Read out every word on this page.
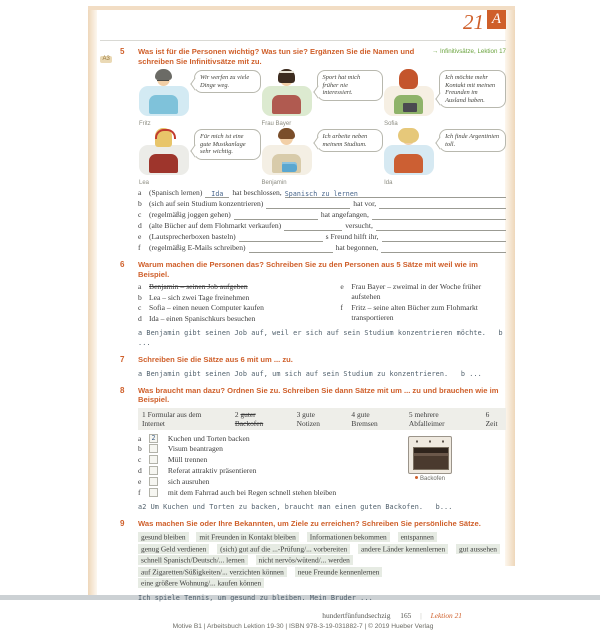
21 A
A3
5	Was ist für die Personen wichtig? Was tun sie? Ergänzen Sie die Namen und schreiben Sie Infinitivsätze mit zu.
→ Infinitivsätze, Lektion 17
Fritz
Wir werfen zu viele Dinge weg.
Frau Bayer
Sport hat mich früher nie interessiert.
Sofia
Ich möchte mehr Kontakt mit meinen Freunden im Ausland haben.
Lea
Für mich ist eine gute Musikanlage sehr wichtig.
Benjamin
Ich arbeite neben meinem Studium.
Ida
Ich finde Argentinien toll.
a	(Spanisch lernen)	Ida	hat beschlossen, Spanisch zu lernen
b (sich auf sein Studium konzentrieren)	hat vor,
c	(regelmäßig joggen gehen)	hat angefangen,
d (alte Bücher auf dem Flohmarkt verkaufen)	versucht,
e	(Lautsprecherboxen basteln)	s Freund hilft ihr,
f	(regelmäßig E-Mails schreiben)	hat begonnen,
6	Warum machen die Personen das? Schreiben Sie zu den Personen aus 5 Sätze mit weil wie im Beispiel.
a	Benjamin – seinen Job aufgeben
b Lea – sich zwei Tage freinehmen
c	Sofia – einen neuen Computer kaufen
d Ida – einen Spanischkurs besuchen
e	Frau Bayer – zweimal in der Woche früher aufstehen
f	Fritz – seine alten Bücher zum Flohmarkt transportieren
a Benjamin gibt seinen Job auf, weil er sich auf sein Studium konzentrieren möchte. b ...
7	Schreiben Sie die Sätze aus 6 mit um ... zu.
a Benjamin gibt seinen Job auf, um sich auf sein Studium zu konzentrieren. b ...
8	Was braucht man dazu? Ordnen Sie zu. Schreiben Sie dann Sätze mit um ... zu und brauchen wie im Beispiel.
1 Formular aus dem Internet
2 guter Backofen
3 gute Notizen
4 gute Bremsen
5 mehrere Abfalleimer
6 Zeit
a	2
	Kuchen und Torten backen
b
	Visum beantragen
c
	Müll trennen
d
	Referat attraktiv präsentieren
e
	sich ausruhen
f
	mit dem Fahrrad auch bei Regen schnell stehen bleiben
Backofen
a2 Um Kuchen und Torten zu backen, braucht man einen guten Backofen. b...
9	Was machen Sie oder Ihre Bekannten, um Ziele zu erreichen? Schreiben Sie persönliche Sätze.
gesund bleiben mit Freunden in Kontakt bleiben Informationen bekommen entspannen genug Geld verdienen (sich) gut auf die ...-Prüfung/... vorbereiten andere Länder kennenlernen gut aussehen schnell Spanisch/Deutsch/... lernen nicht nervös/wütend/... werden auf Zigaretten/Süßigkeiten/... verzichten können neue Freunde kennenlernen eine größere Wohnung/... kaufen können
Ich spiele Tennis, um gesund zu bleiben. Mein Bruder ...
hundertfünfundsechzig 165 | Lektion 21
Motive B1 | Arbeitsbuch Lektion 19-30 | ISBN 978-3-19-031882-7 | © 2019 Hueber Verlag
